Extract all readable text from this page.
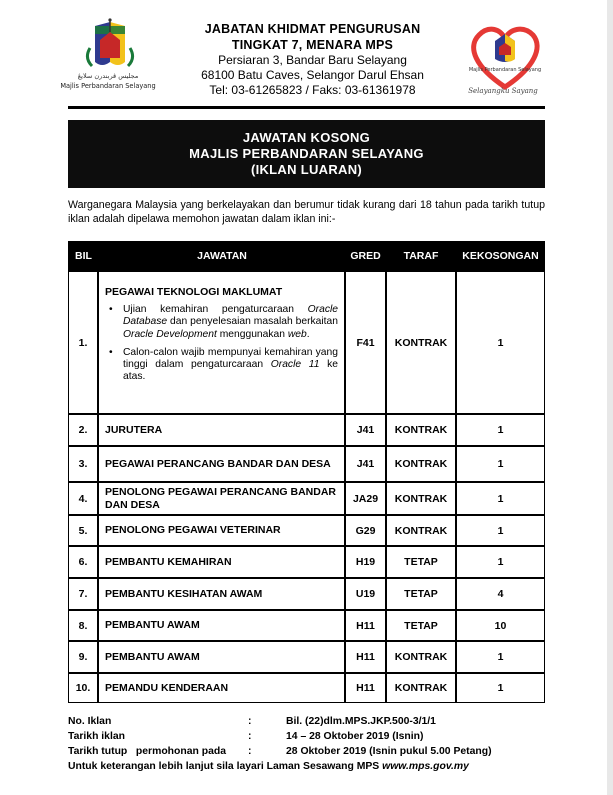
مجليس ڤربندرن سلايڠ
Majlis Perbandaran Selayang
JABATAN KHIDMAT PENGURUSAN
TINGKAT 7, MENARA MPS
Persiaran 3, Bandar Baru Selayang
68100 Batu Caves, Selangor Darul Ehsan
Tel: 03-61265823 / Faks: 03-61361978
Majlis Perbandaran Selayang
Selayangku Sayang
JAWATAN KOSONG
MAJLIS PERBANDARAN SELAYANG
(IKLAN LUARAN)
Warganegara Malaysia yang berkelayakan dan berumur tidak kurang dari 18 tahun pada tarikh tutup iklan adalah dipelawa memohon jawatan dalam iklan ini:-
BIL	JAWATAN	GRED	TARAF	KEKOSONGAN
1.
PEGAWAI TEKNOLOGI MAKLUMAT
• Ujian kemahiran pengaturcaraan Oracle Database dan penyelesaian masalah berkaitan Oracle Development menggunakan web.
• Calon-calon wajib mempunyai kemahiran yang tinggi dalam pengaturcaraan Oracle 11 ke atas.
F41	KONTRAK	1
2.	JURUTERA	J41	KONTRAK	1
3.	PEGAWAI PERANCANG BANDAR DAN DESA	J41	KONTRAK	1
4.
PENOLONG PEGAWAI PERANCANG BANDAR DAN DESA	JA29	KONTRAK	1
5.	PENOLONG PEGAWAI VETERINAR	G29	KONTRAK	1
6.	PEMBANTU KEMAHIRAN	H19	TETAP	1
7.	PEMBANTU KESIHATAN AWAM	U19	TETAP	4
8.	PEMBANTU AWAM	H11	TETAP	10
9.	PEMBANTU AWAM	H11	KONTRAK	1
10.	PEMANDU KENDERAAN	H11	KONTRAK	1
No. Iklan	:	Bil. (22)dlm.MPS.JKP.500-3/1/1
Tarikh iklan	:	14 – 28 Oktober 2019 (Isnin)
Tarikh tutup   permohonan pada :	28 Oktober 2019 (Isnin pukul 5.00 Petang)
Untuk keterangan lebih lanjut sila layari Laman Sesawang MPS www.mps.gov.my
